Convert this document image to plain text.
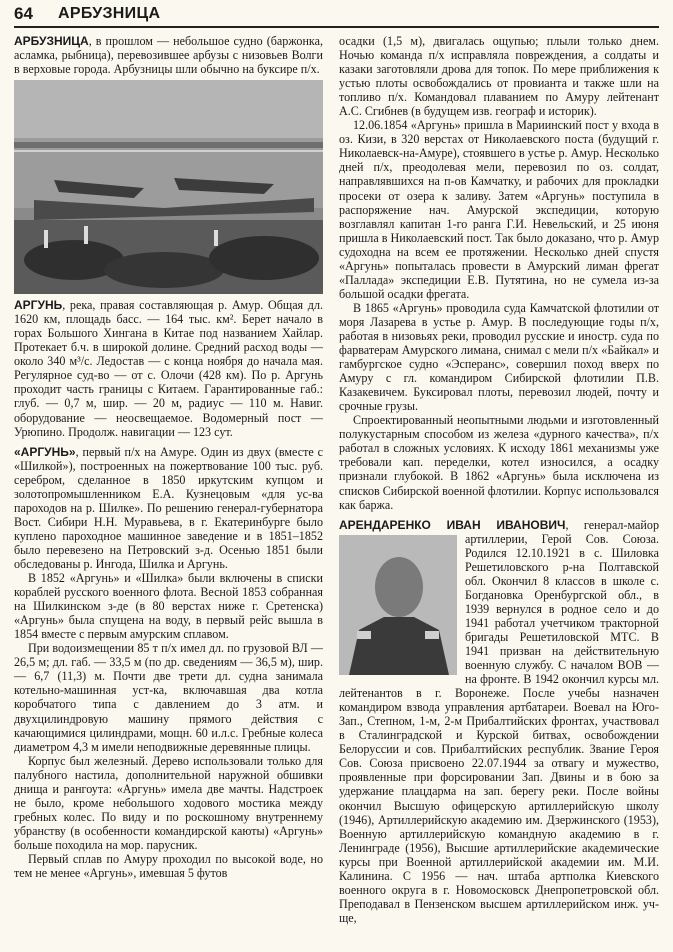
64 АРБУЗНИЦА

АРБУЗНИЦА, в прошлом — небольшое судно (баржонка, асламка, рыбница), перевозившее арбузы с низовьев Волги в верховые города. Арбузницы шли обычно на буксире п/х.

АРГУНЬ, река, правая составляющая р. Амур. Общая дл. 1620 км, площадь басс. — 164 тыс. км². Берет начало в горах Большого Хингана в Китае под названием Хайлар. Протекает б.ч. в широкой долине. Средний расход воды — около 340 м³/с. Ледостав — с конца ноября до начала мая. Регулярное суд-во — от с. Олочи (428 км). По р. Аргунь проходит часть границы с Китаем. Гарантированные габ.: глуб. — 0,7 м, шир. — 20 м, радиус — 110 м. Навиг. оборудование — неосвещаемое. Водомерный пост — Урюпино. Продолж. навигации — 123 сут.

«АРГУНЬ», первый п/х на Амуре. Один из двух (вместе с «Шилкой»), построенных на пожертвование 100 тыс. руб. серебром, сделанное в 1850 иркутским купцом и золотопромышленником Е.А. Кузнецовым «для ус-ва пароходов на р. Шилке». По решению генерал-губернатора Вост. Сибири Н.Н. Муравьева, в г. Екатеринбурге было куплено пароходное машинное заведение и в 1851–1852 было перевезено на Петровский з-д. Осенью 1851 были обследованы р. Ингода, Шилка и Аргунь.

В 1852 «Аргунь» и «Шилка» были включены в списки кораблей русского военного флота. Весной 1853 собранная на Шилкинском з-де (в 80 верстах ниже г. Сретенска) «Аргунь» была спущена на воду, в первый рейс вышла в 1854 вместе с первым амурским сплавом.

При водоизмещении 85 т п/х имел дл. по грузовой ВЛ — 26,5 м; дл. габ. — 33,5 м (по др. сведениям — 36,5 м), шир. — 6,7 (11,3) м. Почти две трети дл. судна занимала котельно-машинная уст-ка, включавшая два котла коробчатого типа с давлением до 3 атм. и двухцилиндровую машину прямого действия с качающимися цилиндрами, мощн. 60 и.л.с. Гребные колеса диаметром 4,3 м имели неподвижные деревянные плицы.

Корпус был железный. Дерево использовали только для палубного настила, дополнительной наружной обшивки днища и рангоута: «Аргунь» имела две мачты. Надстроек не было, кроме небольшого ходового мостика между гребных колес. По виду и по роскошному внутреннему убранству (в особенности командирской каюты) «Аргунь» больше походила на мор. парусник.

Первый сплав по Амуру проходил по высокой воде, но тем не менее «Аргунь», имевшая 5 футов

осадки (1,5 м), двигалась ощупью; плыли только днем. Ночью команда п/х исправляла повреждения, а солдаты и казаки заготовляли дрова для топок. По мере приближения к устью плоты освобождались от провианта и также шли на топливо п/х. Командовал плаванием по Амуру лейтенант А.С. Сгибнев (в будущем изв. географ и историк).

12.06.1854 «Аргунь» пришла в Мариинский пост у входа в оз. Кизи, в 320 верстах от Николаевского поста (будущий г. Николаевск-на-Амуре), стоявшего в устье р. Амур. Несколько дней п/х, преодолевая мели, перевозил по оз. солдат, направлявшихся на п-ов Камчатку, и рабочих для прокладки просеки от озера к заливу. Затем «Аргунь» поступила в распоряжение нач. Амурской экспедиции, которую возглавлял капитан 1-го ранга Г.И. Невельский, и 25 июня пришла в Николаевский пост. Так было доказано, что р. Амур судоходна на всем ее протяжении. Несколько дней спустя «Аргунь» попыталась провести в Амурский лиман фрегат «Паллада» экспедиции Е.В. Путятина, но не сумела из-за большой осадки фрегата.

В 1865 «Аргунь» проводила суда Камчатской флотилии от моря Лазарева в устье р. Амур. В последующие годы п/х, работая в низовьях реки, проводил русские и иностр. суда по фарватерам Амурского лимана, снимал с мели п/х «Байкал» и гамбургское судно «Эсперанс», совершил поход вверх по Амуру с гл. командиром Сибирской флотилии П.В. Казакевичем. Буксировал плоты, перевозил людей, почту и срочные грузы.

Спроектированный неопытными людьми и изготовленный полукустарным способом из железа «дурного качества», п/х работал в сложных условиях. К исходу 1861 механизмы уже требовали кап. переделки, котел износился, а осадку признали глубокой. В 1862 «Аргунь» была исключена из списков Сибирской военной флотилии. Корпус использовался как баржа.

АРЕНДАРЕНКО ИВАН ИВАНОВИЧ
, генерал-майор артиллерии, Герой Сов. Союза. Родился 12.10.1921 в с. Шиловка Решетиловского р-на Полтавской обл. Окончил 8 классов в школе с. Богдановка Оренбургской обл., в 1939 вернулся в родное село и до 1941 работал учетчиком тракторной бригады Решетиловской МТС. В 1941 призван на действительную военную службу. С началом ВОВ — на фронте. В 1942 окончил курсы мл. лейтенантов в г. Воронеже. После учебы назначен командиром взвода управления артбатареи. Воевал на Юго-Зап., Степном, 1-м, 2-м Прибалтийских фронтах, участвовал в Сталинградской и Курской битвах, освобождении Белоруссии и сов. Прибалтийских республик. Звание Героя Сов. Союза присвоено 22.07.1944 за отвагу и мужество, проявленные при форсировании Зап. Двины и в бою за удержание плацдарма на зап. берегу реки. После войны окончил Высшую офицерскую артиллерийскую школу (1946), Артиллерийскую академию им. Дзержинского (1953), Военную артиллерийскую командную академию в г. Ленинграде (1956), Высшие артиллерийские академические курсы при Военной артиллерийской академии им. М.И. Калинина. С 1956 — нач. штаба артполка Киевского военного округа в г. Новомосковск Днепропетровской обл. Преподавал в Пензенском высшем артиллерийском инж. уч-ще,
